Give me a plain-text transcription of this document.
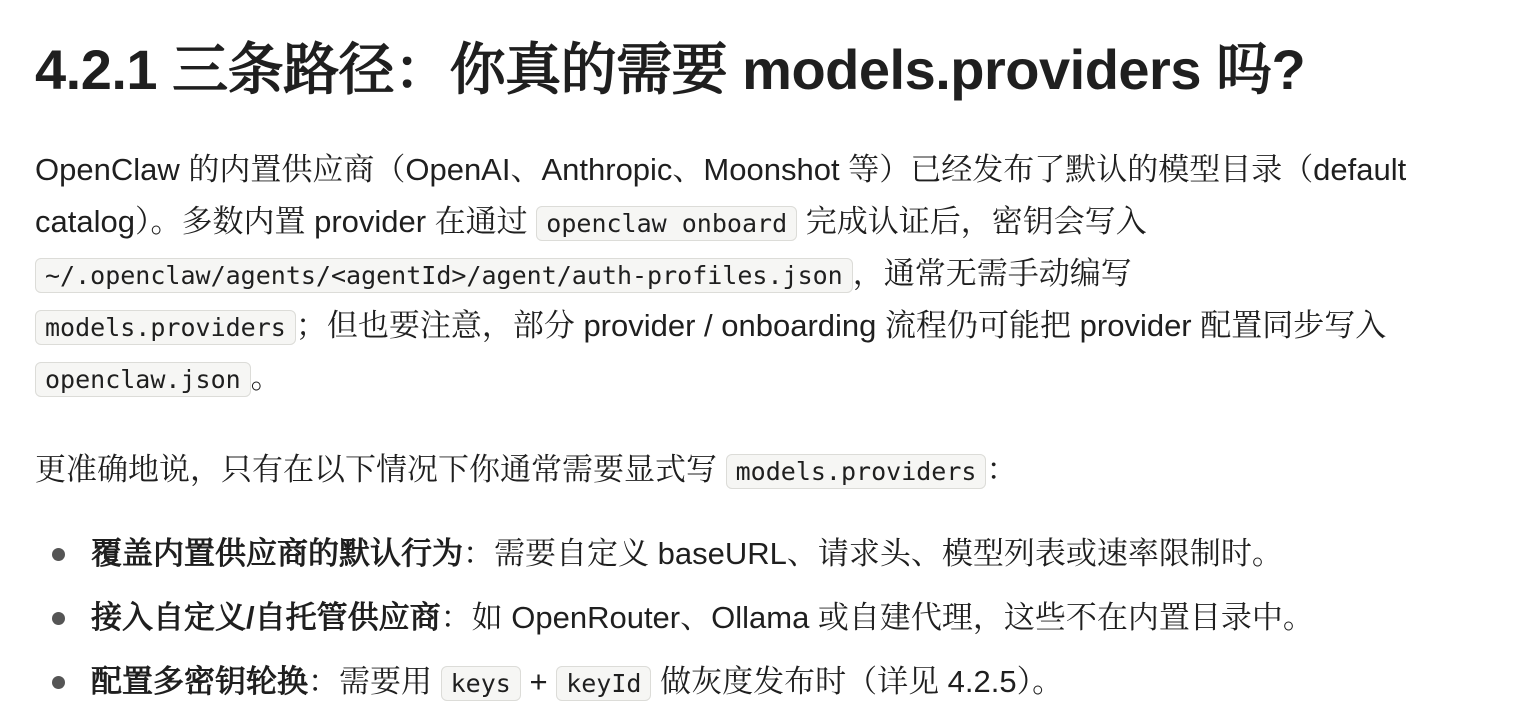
4.2.1 三条路径：你真的需要 models.providers 吗?
OpenClaw 的内置供应商（OpenAI、Anthropic、Moonshot 等）已经发布了默认的模型目录（default
catalog）。多数内置 provider 在通过 openclaw onboard 完成认证后，密钥会写入
~/.openclaw/agents/<agentId>/agent/auth-profiles.json ，通常无需手动编写
models.providers ；但也要注意，部分 provider / onboarding 流程仍可能把 provider 配置同步写入
openclaw.json 。
更准确地说，只有在以下情况下你通常需要显式写 models.providers ：
覆盖内置供应商的默认行为：需要自定义 baseURL、请求头、模型列表或速率限制时。
接入自定义/自托管供应商：如 OpenRouter、Ollama 或自建代理，这些不在内置目录中。
配置多密钥轮换：需要用 keys + keyId 做灰度发布时（详见 4.2.5）。
